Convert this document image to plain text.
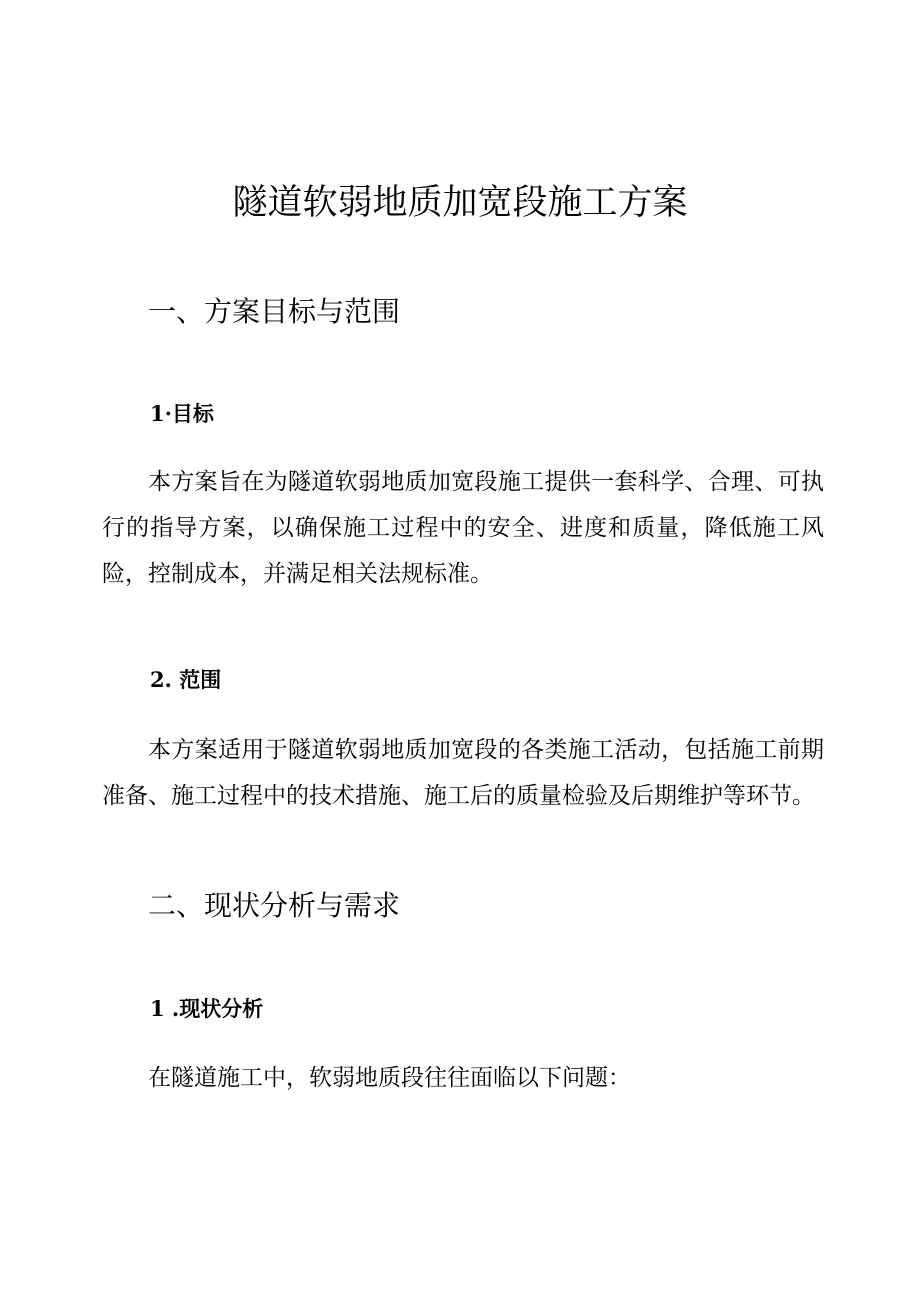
隧道软弱地质加宽段施工方案
一、方案目标与范围
1·目标

本方案旨在为隧道软弱地质加宽段施工提供一套科学、合理、可执行的指导方案，以确保施工过程中的安全、进度和质量，降低施工风险，控制成本，并满足相关法规标准。

2. 范围

本方案适用于隧道软弱地质加宽段的各类施工活动，包括施工前期准备、施工过程中的技术措施、施工后的质量检验及后期维护等环节。

二、现状分析与需求
1 .现状分析

在隧道施工中，软弱地质段往往面临以下问题：
